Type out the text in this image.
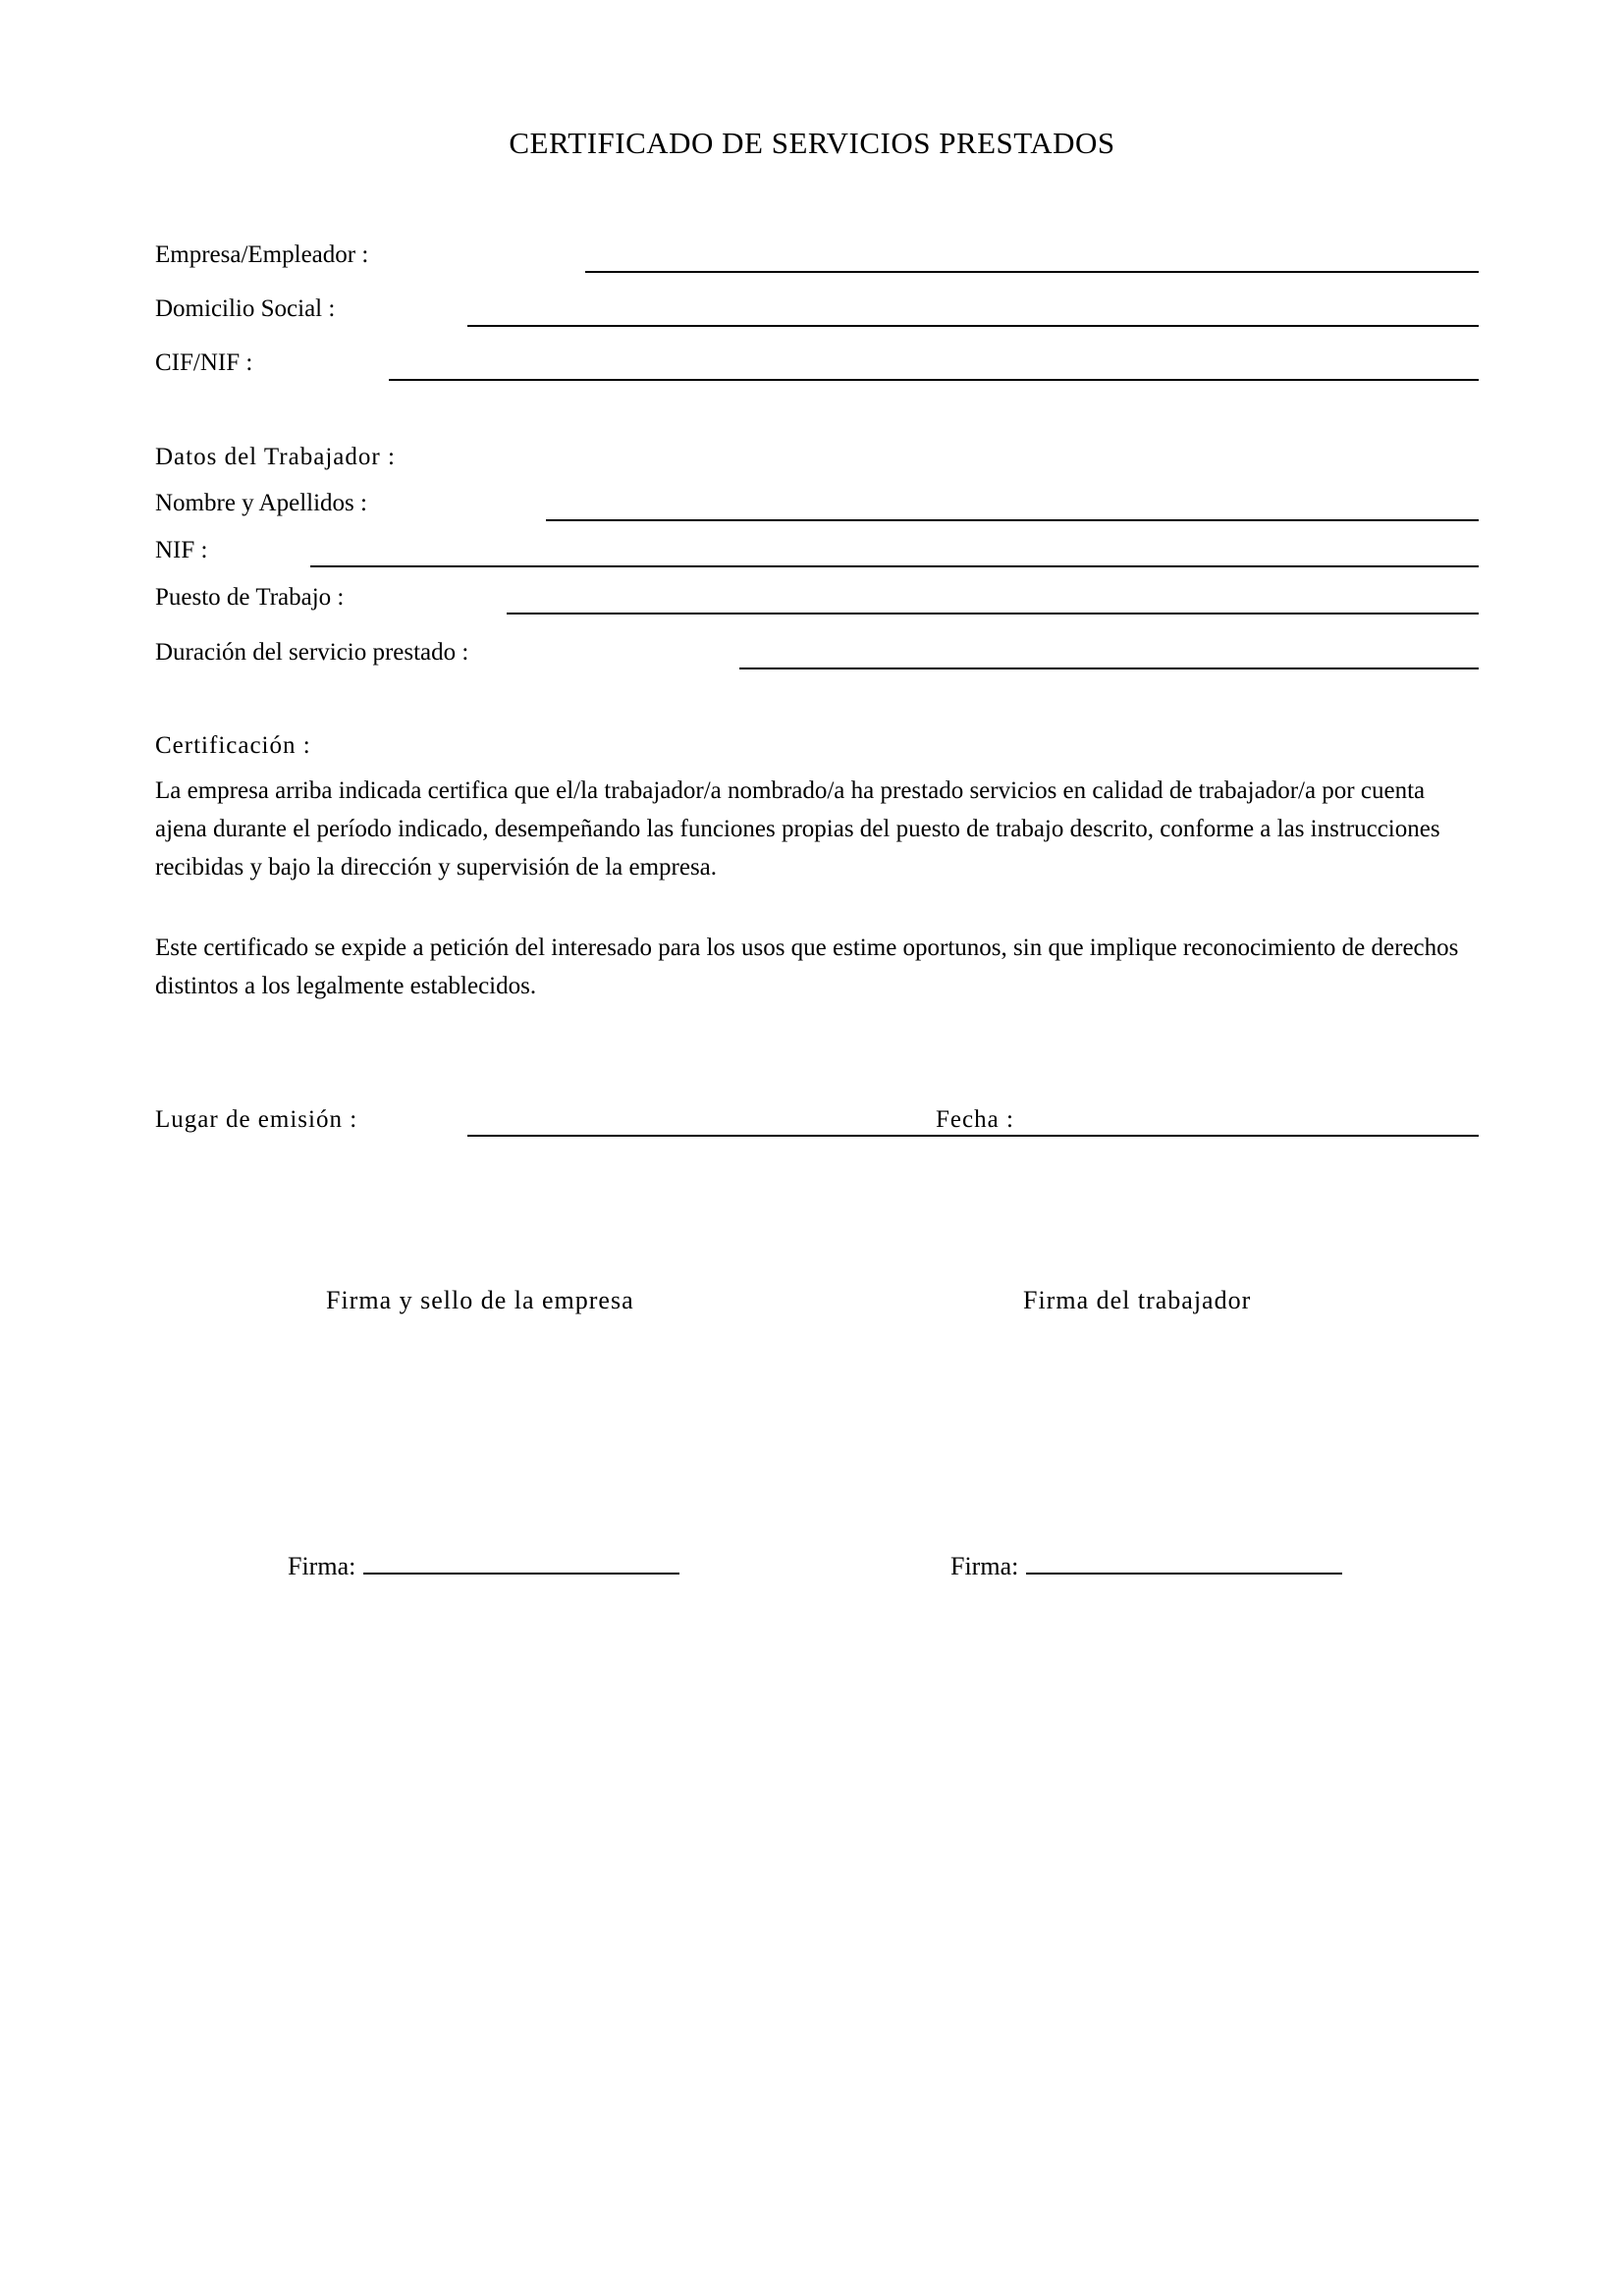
CERTIFICADO DE SERVICIOS PRESTADOS
Empresa/Empleador :
Domicilio Social :
CIF/NIF :
Datos del Trabajador :
Nombre y Apellidos :
NIF :
Puesto de Trabajo :
Duración del servicio prestado :
Certificación :
La empresa arriba indicada certifica que el/la trabajador/a nombrado/a ha prestado servicios en calidad de trabajador/a por cuenta ajena durante el período indicado, desempeñando las funciones propias del puesto de trabajo descrito, conforme a las instrucciones recibidas y bajo la dirección y supervisión de la empresa.
Este certificado se expide a petición del interesado para los usos que estime oportunos, sin que implique reconocimiento de derechos distintos a los legalmente establecidos.
Lugar de emisión :	Fecha :
Firma y sello de la empresa	Firma del trabajador
Firma:	Firma:
